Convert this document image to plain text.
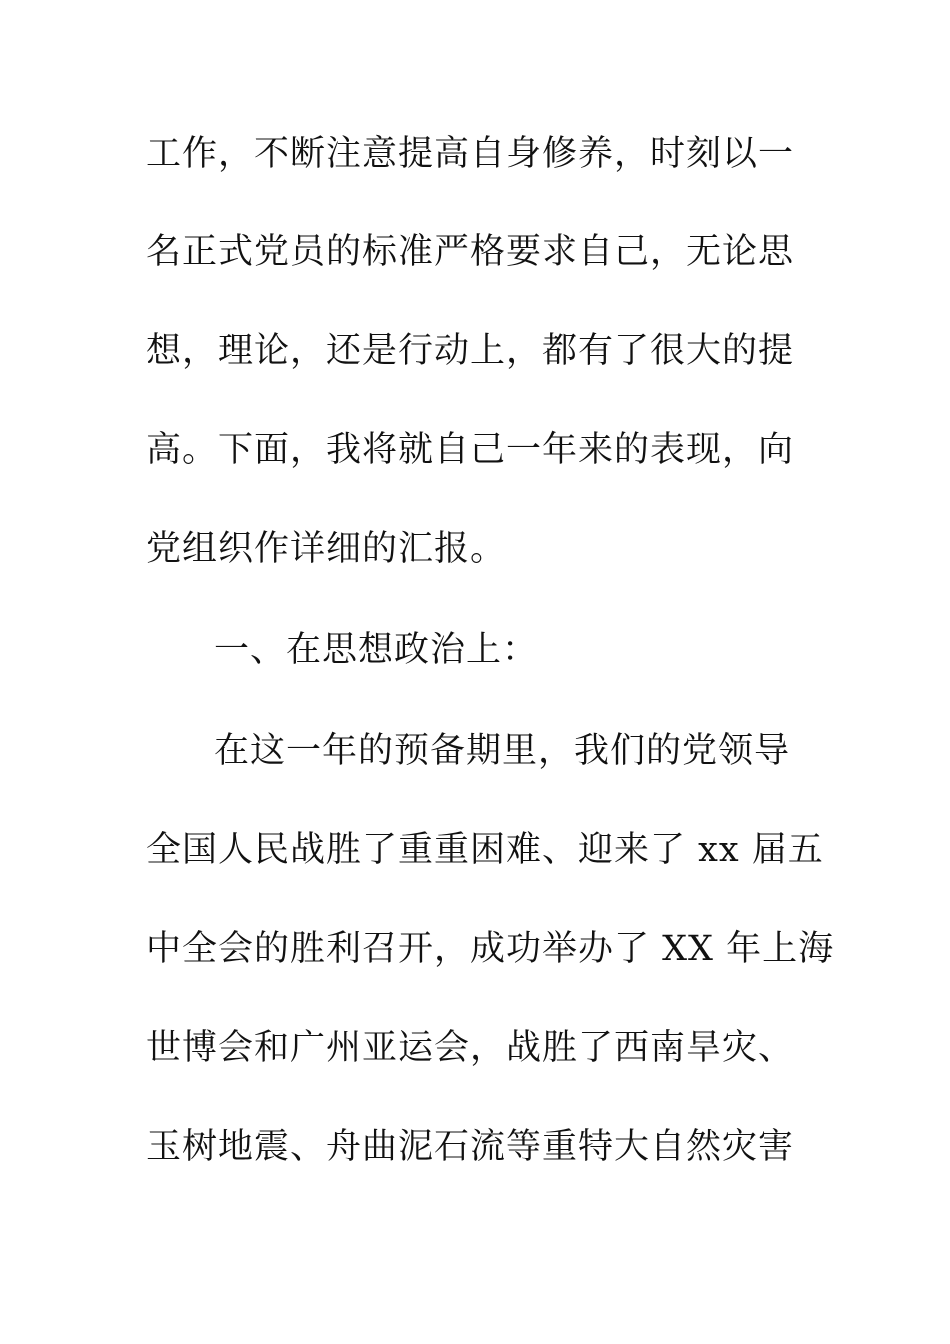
工作，不断注意提高自身修养，时刻以一
名正式党员的标准严格要求自己，无论思
想，理论，还是行动上，都有了很大的提
高。下面，我将就自己一年来的表现，向
党组织作详细的汇报。
一、在思想政治上：
在这一年的预备期里，我们的党领导
全国人民战胜了重重困难、迎来了 xx 届五
中全会的胜利召开，成功举办了 XX 年上海
世博会和广州亚运会，战胜了西南旱灾、
玉树地震、舟曲泥石流等重特大自然灾害
